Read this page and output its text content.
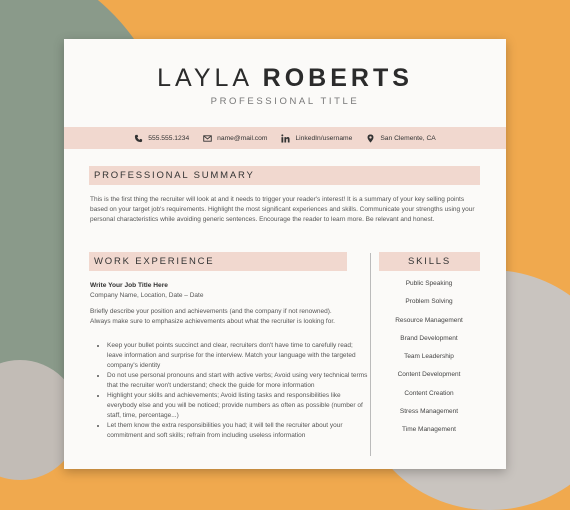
LAYLA ROBERTS
PROFESSIONAL TITLE
555.555.1234	name@mail.com	LinkedIn/username	San Clemente, CA
PROFESSIONAL SUMMARY
This is the first thing the recruiter will look at and it needs to trigger your reader's interest! It is a summary of your key selling points based on your target job's requirements. Highlight the most significant experiences and skills. Communicate your strengths using your personal characteristics while avoiding generic sentences. Encourage the reader to learn more. Be relevant and honest.
WORK EXPERIENCE	SKILLS
Write Your Job Title Here
Company Name, Location, Date – Date
Briefly describe your position and achievements (and the company if not renowned). Always make sure to emphasize achievements about what the recruiter is looking for.
• Keep your bullet points succinct and clear, recruiters don't have time to carefully read; leave information and surprise for the interview. Match your language with the targeted company's identity
• Do not use personal pronouns and start with active verbs; Avoid using very technical terms that the recruiter won't understand; check the guide for more information
• Highlight your skills and achievements; Avoid listing tasks and responsibilities like everybody else and you will be noticed; provide numbers as often as possible (number of staff, time, percentage...)
• Let them know the extra responsibilities you had; it will tell the recruiter about your commitment and soft skills; refrain from including useless information
Public Speaking
Problem Solving
Resource Management
Brand Development
Team Leadership
Content Development
Content Creation
Stress Management
Time Management
